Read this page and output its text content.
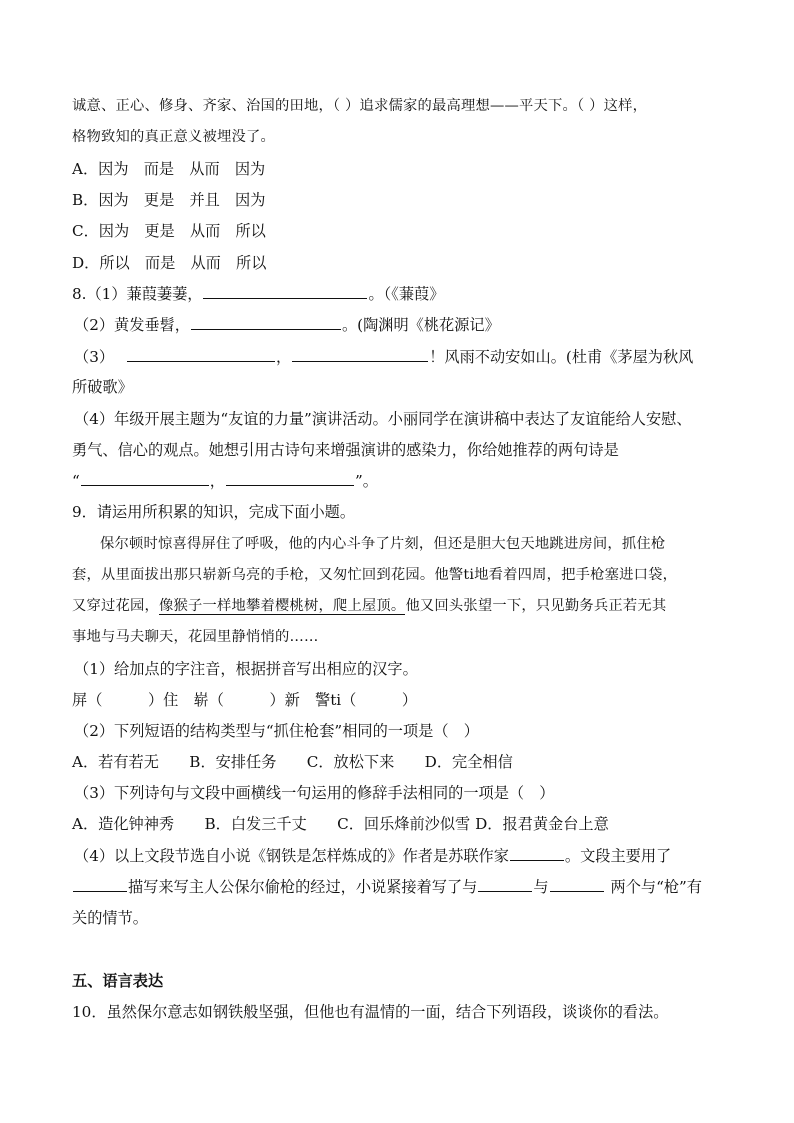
诚意、正心、修身、齐家、治国的田地，（ ）追求儒家的最高理想——平天下。（ ）这样，
格物致知的真正意义被埋没了。
A．因为　而是　从而　因为
B．因为　更是　并且　因为
C．因为　更是　从而　所以
D．所以　而是　从而　所以
8.（1）蒹葭萋萋，	。（《蒹葭》
（2）黄发垂髫，	。(陶渊明《桃花源记》
（3）	，	！风雨不动安如山。(杜甫《茅屋为秋风
所破歌》
（4）年级开展主题为“友谊的力量”演讲活动。小丽同学在演讲稿中表达了友谊能给人安慰、
勇气、信心的观点。她想引用古诗句来增强演讲的感染力，你给她推荐的两句诗是
“	，	”。
9．请运用所积累的知识，完成下面小题。
保尔顿时惊喜得屏住了呼吸，他的内心斗争了片刻，但还是胆大包天地跳进房间，抓住枪
套，从里面拔出那只崭新乌亮的手枪，又匆忙回到花园。他警ti地看着四周，把手枪塞进口袋，
又穿过花园，像猴子一样地攀着樱桃树，爬上屋顶。他又回头张望一下，只见勤务兵正若无其
事地与马夫聊天，花园里静悄悄的……
（1）给加点的字注音，根据拼音写出相应的汉字。
屏（　　　）住　崭（　　　）新　警ti（　　　）
（2）下列短语的结构类型与“抓住枪套”相同的一项是（　）
A．若有若无　　B．安排任务　　C．放松下来　　D．完全相信
（3）下列诗句与文段中画横线一句运用的修辞手法相同的一项是（　）
A．造化钟神秀　　B．白发三千丈　　C．回乐烽前沙似雪 D．报君黄金台上意
（4）以上文段节选自小说《钢铁是怎样炼成的》作者是苏联作家	。文段主要用了
描写来写主人公保尔偷枪的经过，小说紧接着写了与	与	两个与“枪”有
关的情节。
五、语言表达
10．虽然保尔意志如钢铁般坚强，但他也有温情的一面，结合下列语段，谈谈你的看法。
